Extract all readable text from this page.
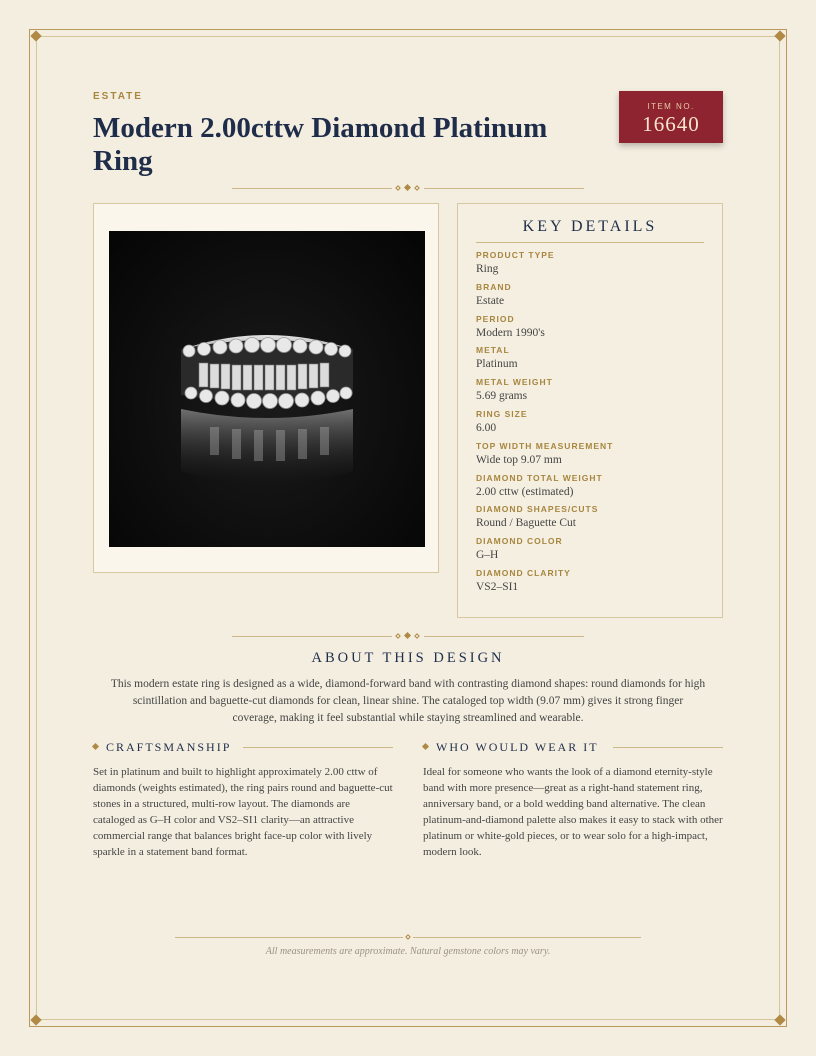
ESTATE
Modern 2.00cttw Diamond Platinum Ring
ITEM NO.
16640
KEY DETAILS
PRODUCT TYPE
Ring
BRAND
Estate
PERIOD
Modern 1990's
METAL
Platinum
METAL WEIGHT
5.69 grams
RING SIZE
6.00
TOP WIDTH MEASUREMENT
Wide top 9.07 mm
DIAMOND TOTAL WEIGHT
2.00 cttw (estimated)
DIAMOND SHAPES/CUTS
Round / Baguette Cut
DIAMOND COLOR
G–H
DIAMOND CLARITY
VS2–SI1
ABOUT THIS DESIGN

This modern estate ring is designed as a wide, diamond-forward band with contrasting diamond shapes: round diamonds for high scintillation and baguette-cut diamonds for clean, linear shine. The cataloged top width (9.07 mm) gives it strong finger coverage, making it feel substantial while staying streamlined and wearable.

CRAFTSMANSHIP

Set in platinum and built to highlight approximately 2.00 cttw of diamonds (weights estimated), the ring pairs round and baguette-cut stones in a structured, multi-row layout. The diamonds are cataloged as G–H color and VS2–SI1 clarity—an attractive commercial range that balances bright face-up color with lively sparkle in a statement band format.

WHO WOULD WEAR IT

Ideal for someone who wants the look of a diamond eternity-style band with more presence—great as a right-hand statement ring, anniversary band, or a bold wedding band alternative. The clean platinum-and-diamond palette also makes it easy to stack with other platinum or white-gold pieces, or to wear solo for a high-impact, modern look.

All measurements are approximate. Natural gemstone colors may vary.
